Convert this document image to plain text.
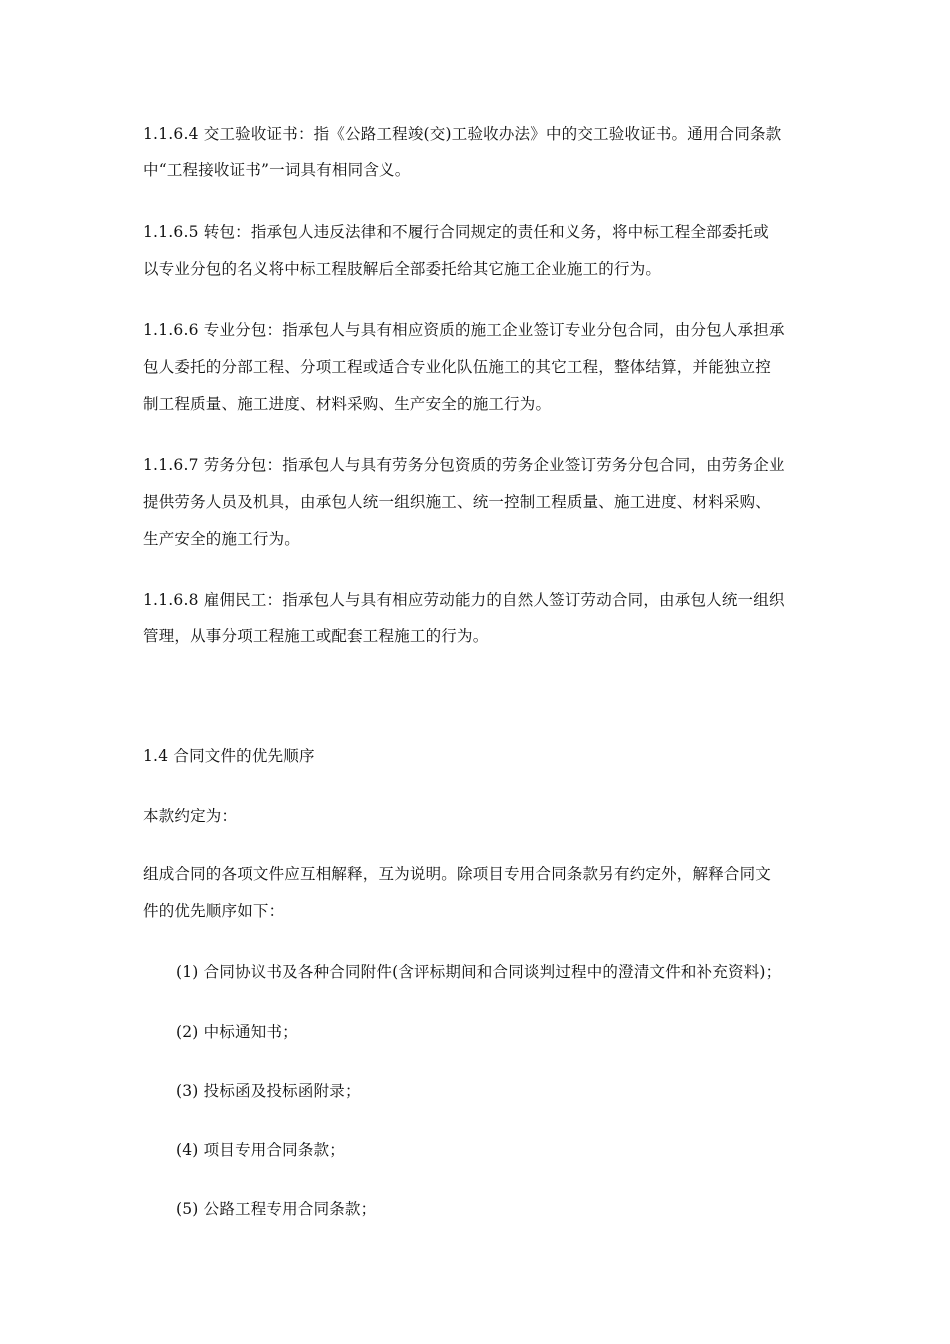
1.1.6.4 交工验收证书：指《公路工程竣(交)工验收办法》中的交工验收证书。通用合同条款
中“工程接收证书”一词具有相同含义。
1.1.6.5 转包：指承包人违反法律和不履行合同规定的责任和义务，将中标工程全部委托或
以专业分包的名义将中标工程肢解后全部委托给其它施工企业施工的行为。
1.1.6.6 专业分包：指承包人与具有相应资质的施工企业签订专业分包合同，由分包人承担承
包人委托的分部工程、分项工程或适合专业化队伍施工的其它工程，整体结算，并能独立控
制工程质量、施工进度、材料采购、生产安全的施工行为。
1.1.6.7 劳务分包：指承包人与具有劳务分包资质的劳务企业签订劳务分包合同，由劳务企业
提供劳务人员及机具，由承包人统一组织施工、统一控制工程质量、施工进度、材料采购、
生产安全的施工行为。
1.1.6.8 雇佣民工：指承包人与具有相应劳动能力的自然人签订劳动合同，由承包人统一组织
管理，从事分项工程施工或配套工程施工的行为。
1.4 合同文件的优先顺序
本款约定为：
组成合同的各项文件应互相解释，互为说明。除项目专用合同条款另有约定外，解释合同文
件的优先顺序如下：
(1) 合同协议书及各种合同附件(含评标期间和合同谈判过程中的澄清文件和补充资料)；
(2) 中标通知书；
(3) 投标函及投标函附录；
(4) 项目专用合同条款；
(5) 公路工程专用合同条款；
